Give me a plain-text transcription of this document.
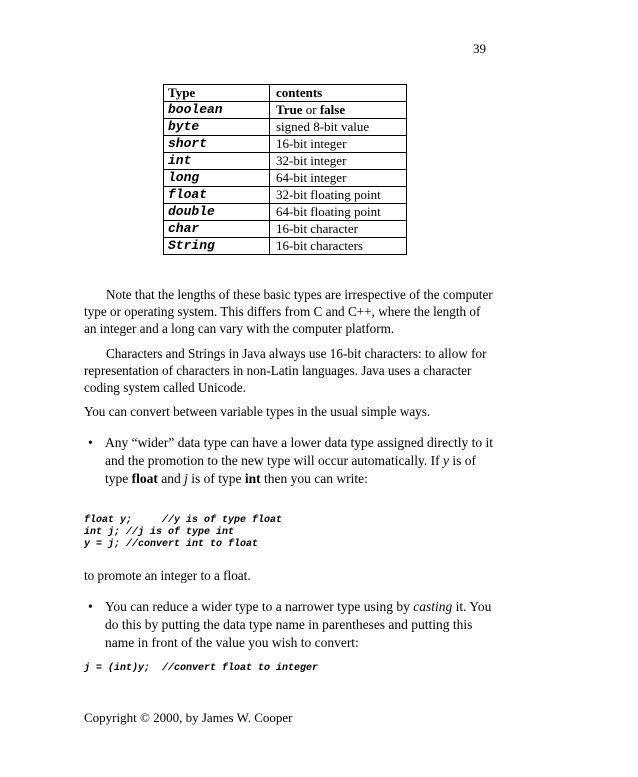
39
Type	contents
boolean	True or false
byte	signed 8-bit value
short	16-bit integer
int	32-bit integer
long	64-bit integer
float	32-bit floating point
double	64-bit floating point
char	16-bit character
String	16-bit characters
Note that the lengths of these basic types are irrespective of the computer type or operating system. This differs from C and C++, where the length of an integer and a long can vary with the computer platform.
Characters and Strings in Java always use 16-bit characters: to allow for representation of characters in non-Latin languages. Java uses a character coding system called Unicode.
You can convert between variable types in the usual simple ways.
• Any “wider” data type can have a lower data type assigned directly to it and the promotion to the new type will occur automatically. If y is of type float and j is of type int then you can write:
float y;     //y is of type float
int j; //j is of type int
y = j; //convert int to float
to promote an integer to a float.
• You can reduce a wider type to a narrower type using by casting it. You do this by putting the data type name in parentheses and putting this name in front of the value you wish to convert:
j = (int)y;  //convert float to integer
Copyright © 2000, by James W. Cooper
